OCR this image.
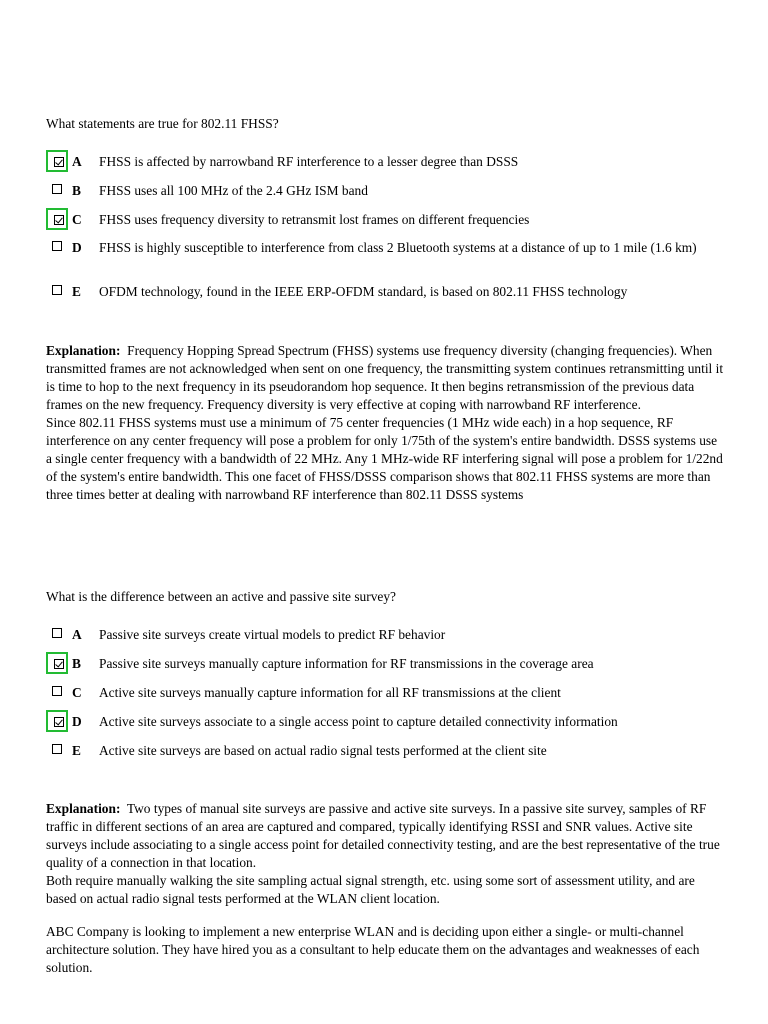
What statements are true for 802.11 FHSS?
A FHSS is affected by narrowband RF interference to a lesser degree than DSSS
B FHSS uses all 100 MHz of the 2.4 GHz ISM band
C FHSS uses frequency diversity to retransmit lost frames on different frequencies
D FHSS is highly susceptible to interference from class 2 Bluetooth systems at a distance of up to 1 mile (1.6 km)
E OFDM technology, found in the IEEE ERP-OFDM standard, is based on 802.11 FHSS technology

Explanation: Frequency Hopping Spread Spectrum (FHSS) systems use frequency diversity (changing frequencies). When transmitted frames are not acknowledged when sent on one frequency, the transmitting system continues retransmitting until it is time to hop to the next frequency in its pseudorandom hop sequence. It then begins retransmission of the previous data frames on the new frequency. Frequency diversity is very effective at coping with narrowband RF interference.

Since 802.11 FHSS systems must use a minimum of 75 center frequencies (1 MHz wide each) in a hop sequence, RF interference on any center frequency will pose a problem for only 1/75th of the system's entire bandwidth. DSSS systems use a single center frequency with a bandwidth of 22 MHz. Any 1 MHz-wide RF interfering signal will pose a problem for 1/22nd of the system's entire bandwidth. This one facet of FHSS/DSSS comparison shows that 802.11 FHSS systems are more than three times better at dealing with narrowband RF interference than 802.11 DSSS systems

What is the difference between an active and passive site survey?
A Passive site surveys create virtual models to predict RF behavior
B Passive site surveys manually capture information for RF transmissions in the coverage area
C Active site surveys manually capture information for all RF transmissions at the client
D Active site surveys associate to a single access point to capture detailed connectivity information
E Active site surveys are based on actual radio signal tests performed at the client site

Explanation: Two types of manual site surveys are passive and active site surveys. In a passive site survey, samples of RF traffic in different sections of an area are captured and compared, typically identifying RSSI and SNR values. Active site surveys include associating to a single access point for detailed connectivity testing, and are the best representative of the true quality of a connection in that location.

Both require manually walking the site sampling actual signal strength, etc. using some sort of assessment utility, and are based on actual radio signal tests performed at the WLAN client location.

ABC Company is looking to implement a new enterprise WLAN and is deciding upon either a single- or multi-channel architecture solution. They have hired you as a consultant to help educate them on the advantages and weaknesses of each solution.
